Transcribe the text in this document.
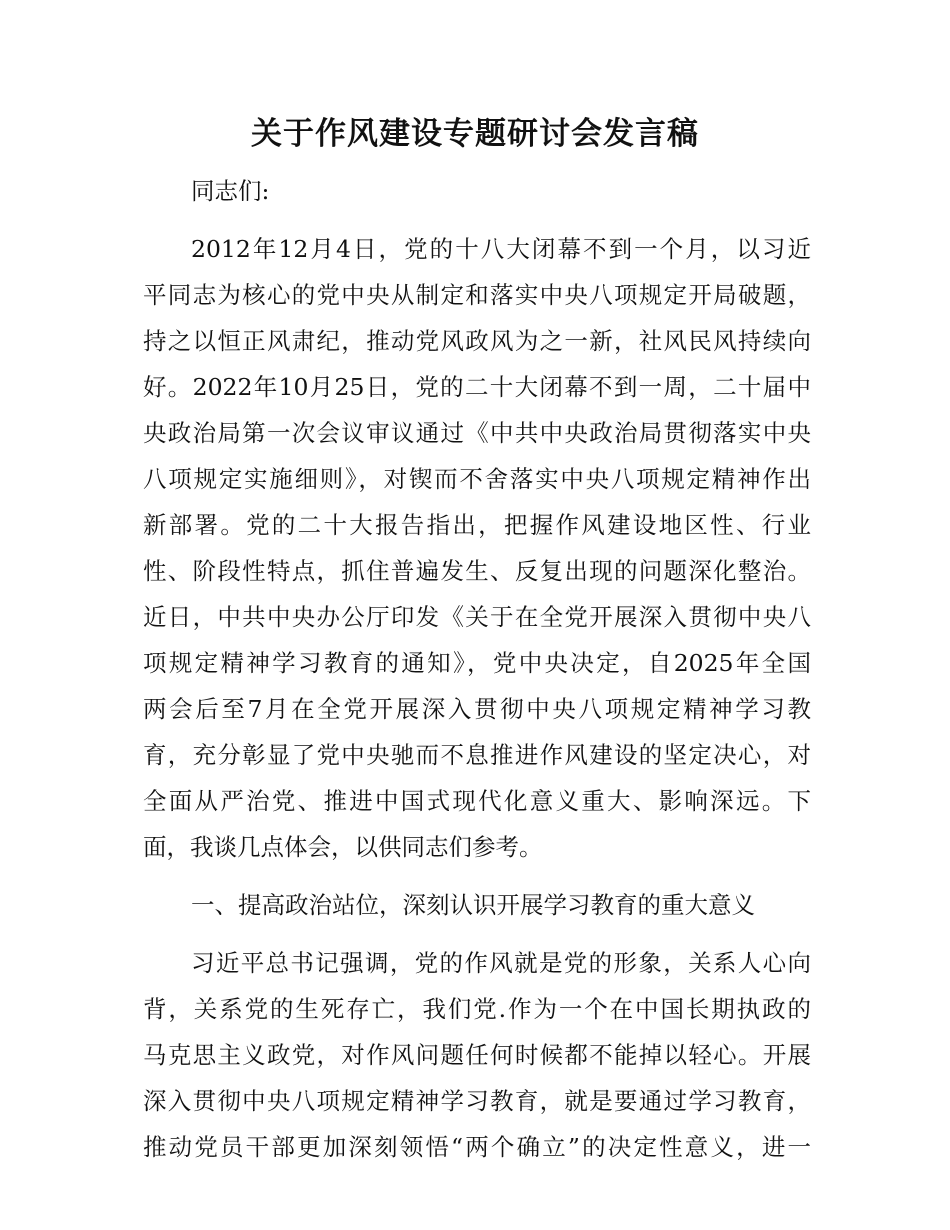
关于作风建设专题研讨会发言稿
同志们:
2012年12月4日，党的十八大闭幕不到一个月，以习近
平同志为核心的党中央从制定和落实中央八项规定开局破题，
持之以恒正风肃纪，推动党风政风为之一新，社风民风持续向
好。2022年10月25日，党的二十大闭幕不到一周，二十届中
央政治局第一次会议审议通过《中共中央政治局贯彻落实中央
八项规定实施细则》，对锲而不舍落实中央八项规定精神作出
新部署。党的二十大报告指出，把握作风建设地区性、行业
性、阶段性特点，抓住普遍发生、反复出现的问题深化整治。
近日，中共中央办公厅印发《关于在全党开展深入贯彻中央八
项规定精神学习教育的通知》，党中央决定，自2025年全国
两会后至7月在全党开展深入贯彻中央八项规定精神学习教
育，充分彰显了党中央驰而不息推进作风建设的坚定决心，对
全面从严治党、推进中国式现代化意义重大、影响深远。下
面，我谈几点体会，以供同志们参考。
一、提高政治站位，深刻认识开展学习教育的重大意义
习近平总书记强调，党的作风就是党的形象，关系人心向
背，关系党的生死存亡，我们党.作为一个在中国长期执政的
马克思主义政党，对作风问题任何时候都不能掉以轻心。开展
深入贯彻中央八项规定精神学习教育，就是要通过学习教育，
推动党员干部更加深刻领悟“两个确立”的决定性意义，进一
